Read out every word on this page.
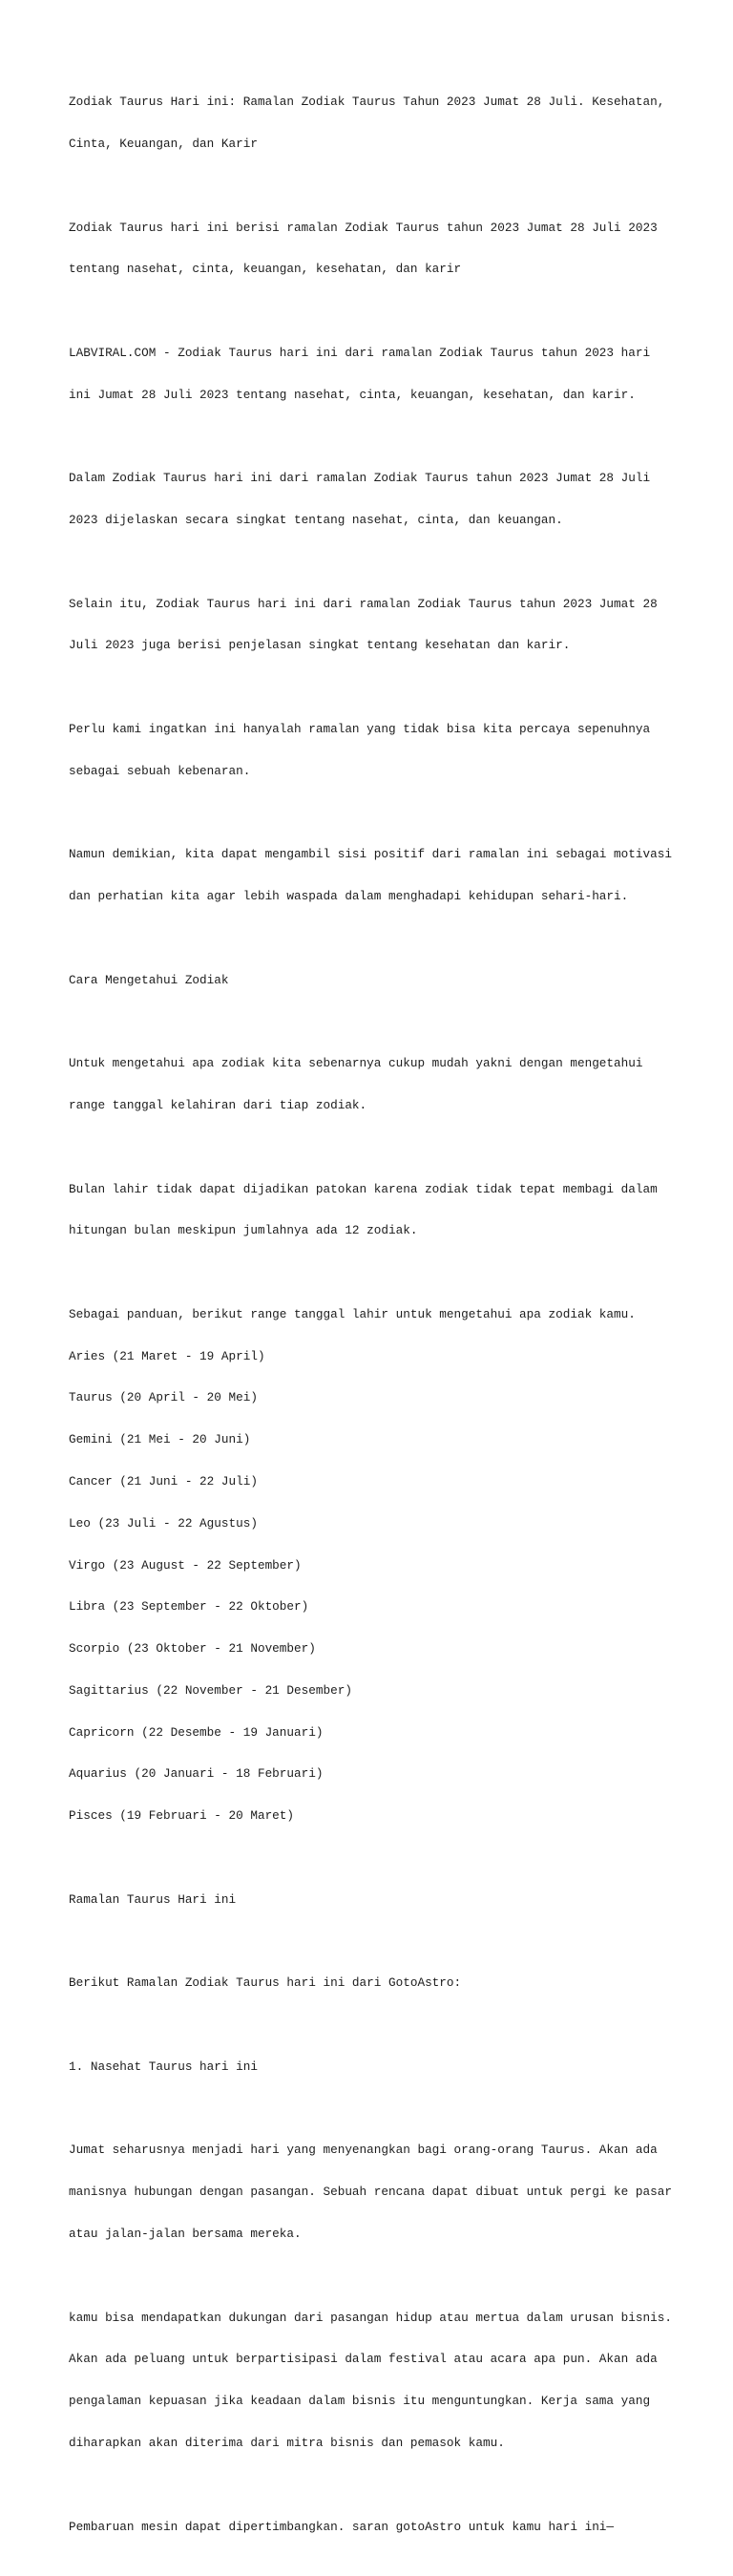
Zodiak Taurus Hari ini: Ramalan Zodiak Taurus Tahun 2023 Jumat 28 Juli. Kesehatan,

Cinta, Keuangan, dan Karir

Zodiak Taurus hari ini berisi ramalan Zodiak Taurus tahun 2023 Jumat 28 Juli 2023

tentang nasehat, cinta, keuangan, kesehatan, dan karir

LABVIRAL.COM - Zodiak Taurus hari ini dari ramalan Zodiak Taurus tahun 2023 hari

ini Jumat 28 Juli 2023 tentang nasehat, cinta, keuangan, kesehatan, dan karir.

Dalam Zodiak Taurus hari ini dari ramalan Zodiak Taurus tahun 2023 Jumat 28 Juli

2023 dijelaskan secara singkat tentang nasehat, cinta, dan keuangan.

Selain itu, Zodiak Taurus hari ini dari ramalan Zodiak Taurus tahun 2023 Jumat 28

Juli 2023 juga berisi penjelasan singkat tentang kesehatan dan karir.

Perlu kami ingatkan ini hanyalah ramalan yang tidak bisa kita percaya sepenuhnya

sebagai sebuah kebenaran.

Namun demikian, kita dapat mengambil sisi positif dari ramalan ini sebagai motivasi

dan perhatian kita agar lebih waspada dalam menghadapi kehidupan sehari-hari.

Cara Mengetahui Zodiak

Untuk mengetahui apa zodiak kita sebenarnya cukup mudah yakni dengan mengetahui

range tanggal kelahiran dari tiap zodiak.

Bulan lahir tidak dapat dijadikan patokan karena zodiak tidak tepat membagi dalam

hitungan bulan meskipun jumlahnya ada 12 zodiak.

Sebagai panduan, berikut range tanggal lahir untuk mengetahui apa zodiak kamu.

Aries (21 Maret - 19 April)

Taurus (20 April - 20 Mei)

Gemini (21 Mei - 20 Juni)

Cancer (21 Juni - 22 Juli)

Leo (23 Juli - 22 Agustus)

Virgo (23 August - 22 September)

Libra (23 September - 22 Oktober)

Scorpio (23 Oktober - 21 November)

Sagittarius (22 November - 21 Desember)

Capricorn (22 Desembe - 19 Januari)

Aquarius (20 Januari - 18 Februari)

Pisces (19 Februari - 20 Maret)

Ramalan Taurus Hari ini

Berikut Ramalan Zodiak Taurus hari ini dari GotoAstro:

1. Nasehat Taurus hari ini

Jumat seharusnya menjadi hari yang menyenangkan bagi orang-orang Taurus. Akan ada

manisnya hubungan dengan pasangan. Sebuah rencana dapat dibuat untuk pergi ke pasar

atau jalan-jalan bersama mereka.

kamu bisa mendapatkan dukungan dari pasangan hidup atau mertua dalam urusan bisnis.

Akan ada peluang untuk berpartisipasi dalam festival atau acara apa pun. Akan ada

pengalaman kepuasan jika keadaan dalam bisnis itu menguntungkan. Kerja sama yang

diharapkan akan diterima dari mitra bisnis dan pemasok kamu.

Pembaruan mesin dapat dipertimbangkan. saran gotoAstro untuk kamu hari ini—
